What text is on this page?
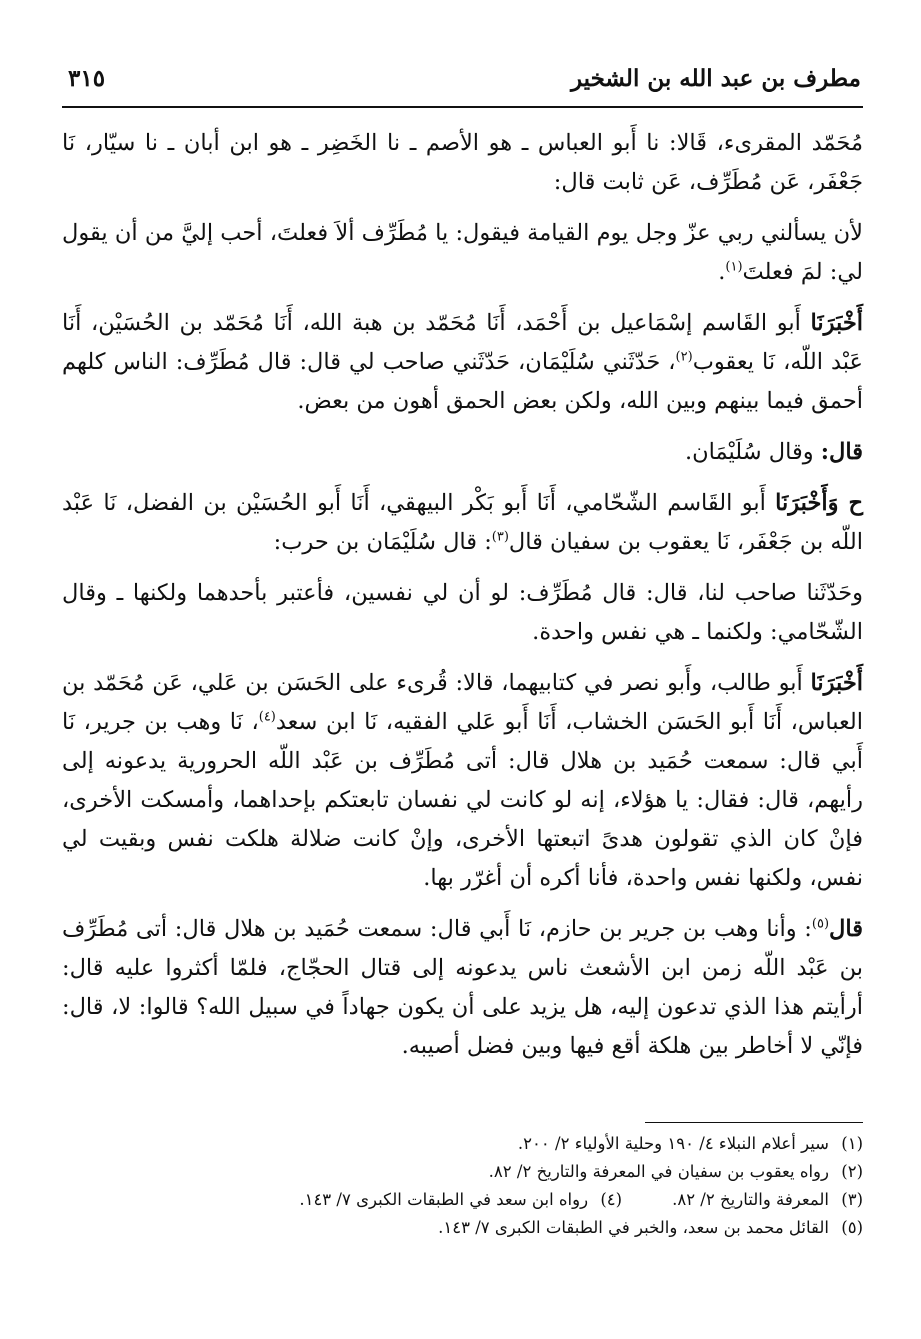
مطرف بن عبد الله بن الشخير
٣١٥

مُحَمّد المقرىء، قَالا: نا أَبو العباس ـ هو الأصم ـ نا الخَضِر ـ هو ابن أبان ـ نا سيّار، نَا جَعْفَر، عَن مُطَرِّف، عَن ثابت قال:

لأن يسألني ربي عزّ وجل يوم القيامة فيقول: يا مُطَرِّف ألاَ فعلتَ، أحب إليَّ من أن يقول لي: لمَ فعلتَ$^{(١)}$.

أَخْبَرَنَا أَبو القَاسم إسْمَاعيل بن أَحْمَد، أَنَا مُحَمّد بن هبة الله، أَنَا مُحَمّد بن الحُسَيْن، أَنَا عَبْد اللّه، نَا يعقوب$^{(٢)}$، حَدّثَني سُلَيْمَان، حَدّثَني صاحب لي قال: قال مُطَرِّف: الناس كلهم أحمق فيما بينهم وبين الله، ولكن بعض الحمق أهون من بعض.

قال: وقال سُلَيْمَان.

ح وَأَخْبَرَنَا أَبو القَاسم الشّحّامي، أَنَا أَبو بَكْر البيهقي، أَنَا أَبو الحُسَيْن بن الفضل، نَا عَبْد اللّه بن جَعْفَر، نَا يعقوب بن سفيان قال$^{(٣)}$: قال سُلَيْمَان بن حرب:

وحَدّثَنا صاحب لنا، قال: قال مُطَرِّف: لو أن لي نفسين، فأعتبر بأحدهما ولكنها ـ وقال الشّحّامي: ولكنما ـ هي نفس واحدة.

أَخْبَرَنَا أَبو طالب، وأَبو نصر في كتابيهما، قالا: قُرىء على الحَسَن بن عَلي، عَن مُحَمّد بن العباس، أَنَا أَبو الحَسَن الخشاب، أَنَا أَبو عَلي الفقيه، نَا ابن سعد$^{(٤)}$، نَا وهب بن جرير، نَا أَبي قال: سمعت حُمَيد بن هلال قال: أتى مُطَرِّف بن عَبْد اللّه الحرورية يدعونه إلى رأيهم، قال: فقال: يا هؤلاء، إنه لو كانت لي نفسان تابعتكم بإحداهما، وأمسكت الأخرى، فإنْ كان الذي تقولون هدىً اتبعتها الأخرى، وإنْ كانت ضلالة هلكت نفس وبقيت لي نفس، ولكنها نفس واحدة، فأنا أكره أن أغرّر بها.

قال$^{(٥)}$: وأنا وهب بن جرير بن حازم، نَا أَبي قال: سمعت حُمَيد بن هلال قال: أتى مُطَرِّف بن عَبْد اللّه زمن ابن الأشعث ناس يدعونه إلى قتال الحجّاج، فلمّا أكثروا عليه قال: أرأيتم هذا الذي تدعون إليه، هل يزيد على أن يكون جهاداً في سبيل الله؟ قالوا: لا، قال: فإنّي لا أخاطر بين هلكة أقع فيها وبين فضل أصيبه.

(١)سير أعلام النبلاء ٤/ ١٩٠ وحلية الأولياء ٢/ ٢٠٠.
(٢)رواه يعقوب بن سفيان في المعرفة والتاريخ ٢/ ٨٢.
(٣)المعرفة والتاريخ ٢/ ٨٢.
(٤)رواه ابن سعد في الطبقات الكبرى ٧/ ١٤٣.
(٥)القائل محمد بن سعد، والخبر في الطبقات الكبرى ٧/ ١٤٣.
